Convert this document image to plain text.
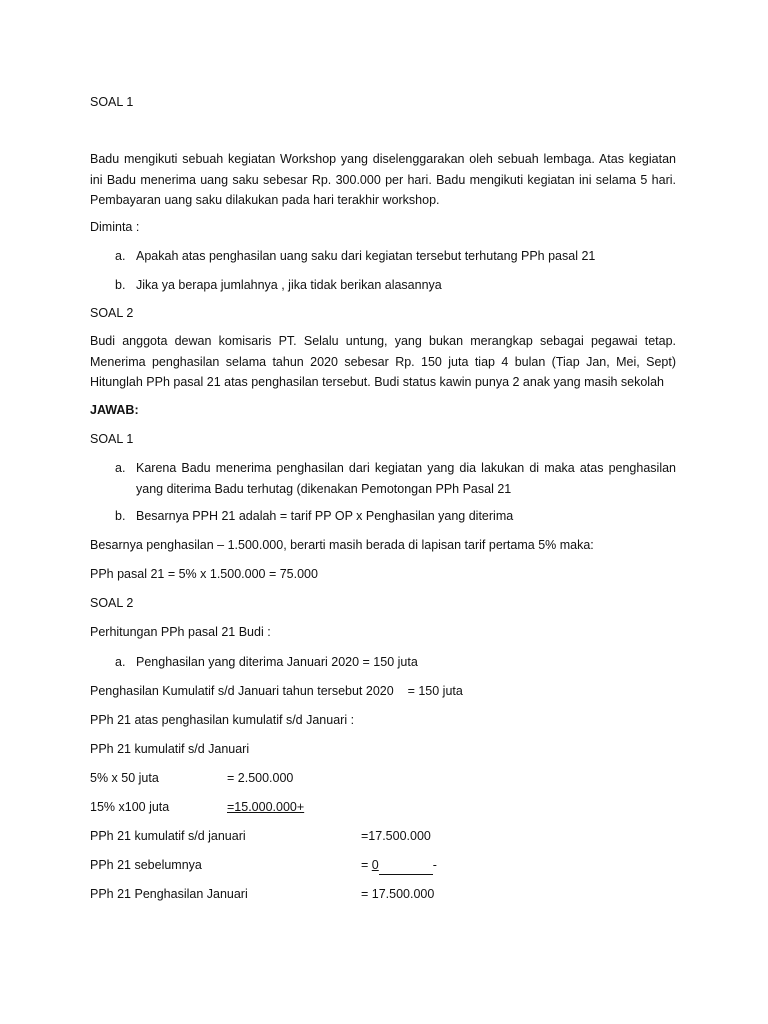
SOAL 1
Badu mengikuti sebuah kegiatan Workshop yang diselenggarakan oleh sebuah lembaga. Atas kegiatan
ini Badu menerima uang saku sebesar Rp. 300.000 per hari. Badu mengikuti kegiatan ini selama 5 hari.
Pembayaran uang saku dilakukan pada hari terakhir workshop.
Diminta :
a. Apakah atas penghasilan uang saku dari kegiatan tersebut terhutang PPh pasal 21
b. Jika ya berapa jumlahnya , jika tidak berikan alasannya
SOAL 2
Budi anggota dewan komisaris PT. Selalu untung, yang bukan merangkap sebagai pegawai tetap.
Menerima penghasilan selama tahun 2020 sebesar Rp. 150 juta tiap 4 bulan (Tiap Jan, Mei, Sept)
Hitunglah PPh pasal 21 atas penghasilan tersebut. Budi status kawin punya 2 anak yang masih sekolah
JAWAB:
SOAL 1
a. Karena Badu menerima penghasilan dari kegiatan yang dia lakukan di maka atas penghasilan
yang diterima Badu terhutag (dikenakan Pemotongan PPh Pasal 21
b. Besarnya PPH 21 adalah = tarif PP OP x Penghasilan yang diterima
Besarnya penghasilan – 1.500.000, berarti masih berada di lapisan tarif pertama 5% maka:
PPh pasal 21 = 5% x 1.500.000 = 75.000
SOAL 2
Perhitungan PPh pasal 21 Budi :
a. Penghasilan yang diterima Januari 2020 = 150 juta
Penghasilan Kumulatif s/d Januari tahun tersebut 2020    = 150 juta
PPh 21 atas penghasilan kumulatif s/d Januari :
PPh 21 kumulatif s/d Januari
5% x 50 juta	= 2.500.000
15% x100 juta	=15.000.000+
PPh 21 kumulatif s/d januari	=17.500.000
PPh 21 sebelumnya	= 0	-
PPh 21 Penghasilan Januari	= 17.500.000
